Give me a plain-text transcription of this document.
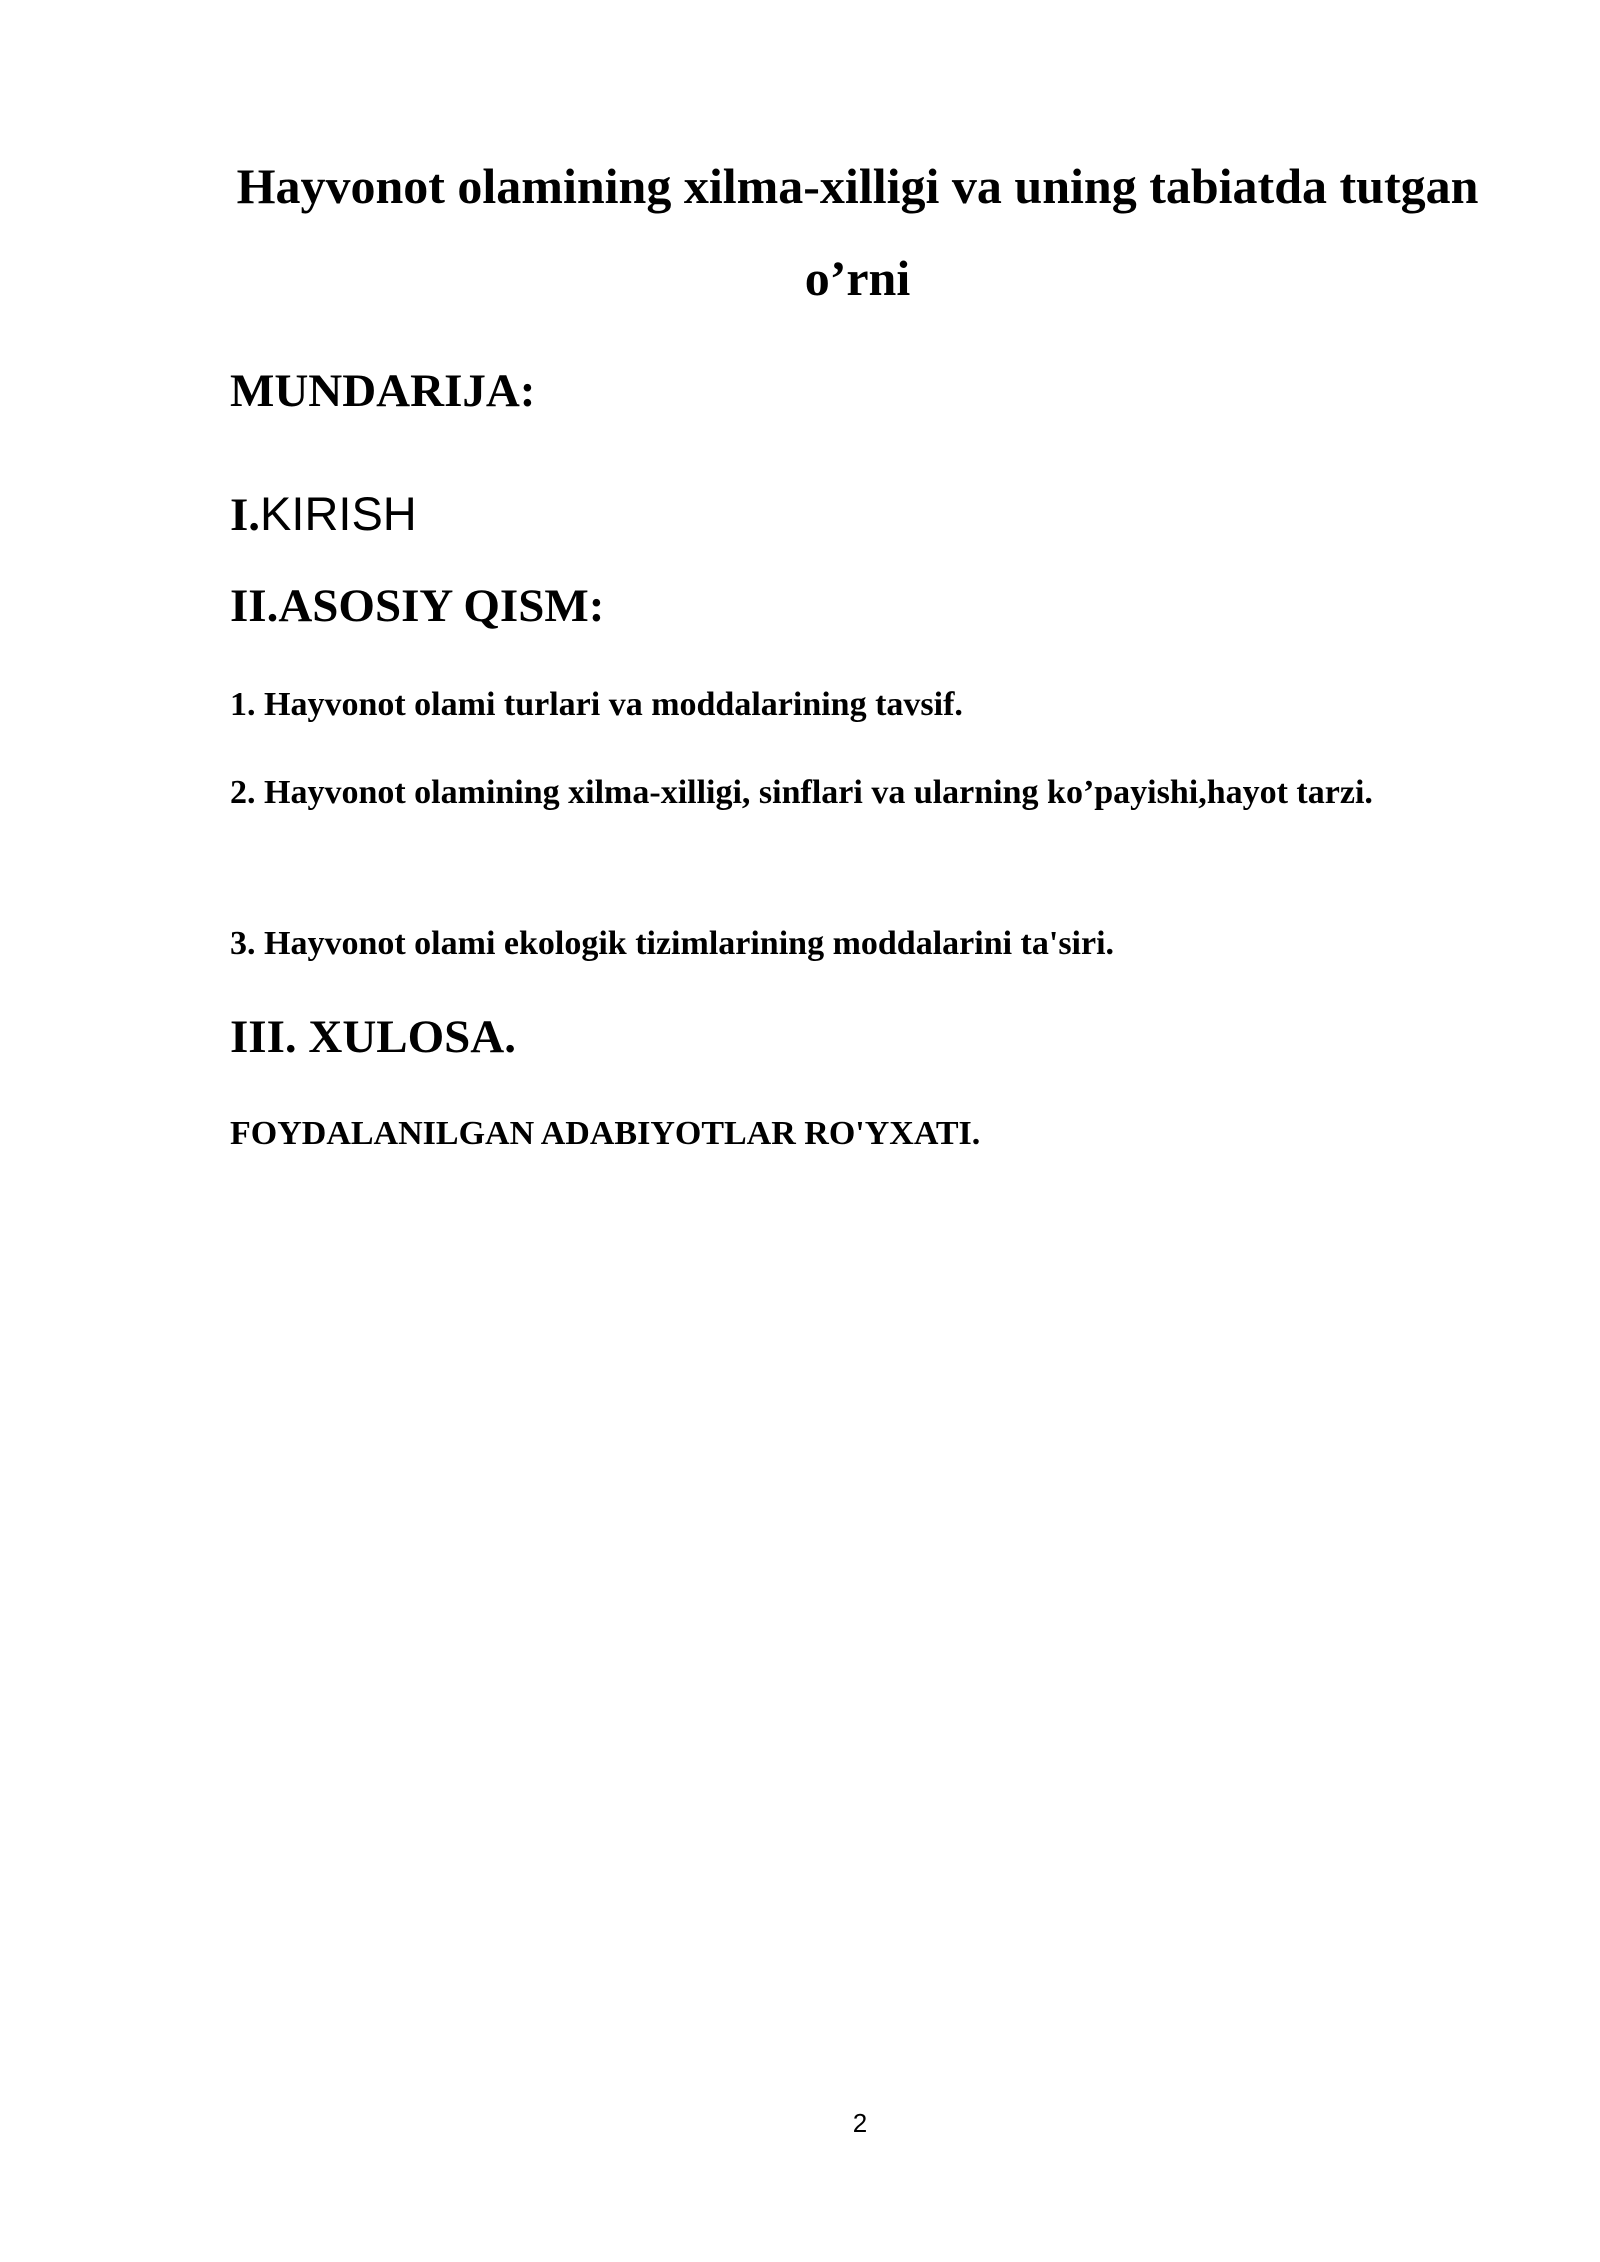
Hayvonot olamining xilma-xilligi va uning tabiatda tutgan o’rni
MUNDARIJA:
I.KIRISH
II.ASOSIY QISM:

1. Hayvonot olami turlari va moddalarining tavsif.

2. Hayvonot olamining xilma-xilligi, sinflari va ularning ko’payishi,hayot tarzi.

3. Hayvonot olami ekologik tizimlarining moddalarini ta'siri.

III. XULOSA.

FOYDALANILGAN ADABIYOTLAR RO'YXATI.

2
